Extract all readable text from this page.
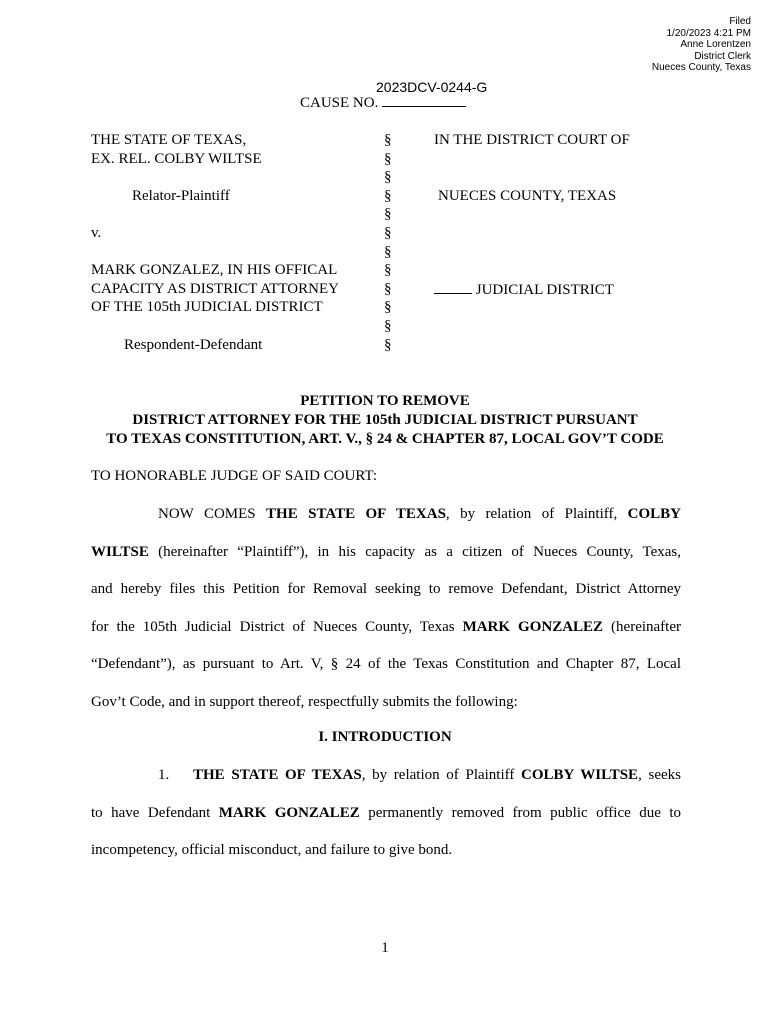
Filed
1/20/2023 4:21 PM
Anne Lorentzen
District Clerk
Nueces County, Texas
2023DCV-0244-G
CAUSE NO.
THE STATE OF TEXAS,
EX. REL. COLBY WILTSE

Relator-Plaintiff

v.

MARK GONZALEZ, IN HIS OFFICAL
CAPACITY AS DISTRICT ATTORNEY
OF THE 105th JUDICIAL DISTRICT

Respondent-Defendant
§
§
§
§
§
§
§
§
§
§
§
§
IN THE DISTRICT COURT OF

NUECES COUNTY, TEXAS

JUDICIAL DISTRICT
PETITION TO REMOVE
DISTRICT ATTORNEY FOR THE 105th JUDICIAL DISTRICT PURSUANT
TO TEXAS CONSTITUTION, ART. V., § 24 & CHAPTER 87, LOCAL GOV’T CODE
TO HONORABLE JUDGE OF SAID COURT:
NOW COMES THE STATE OF TEXAS, by relation of Plaintiff, COLBY
WILTSE (hereinafter “Plaintiff”), in his capacity as a citizen of Nueces County, Texas,
and hereby files this Petition for Removal seeking to remove Defendant, District Attorney
for the 105th Judicial District of Nueces County, Texas MARK GONZALEZ (hereinafter
“Defendant”), as pursuant to Art. V, § 24 of the Texas Constitution and Chapter 87, Local
Gov’t Code, and in support thereof, respectfully submits the following:
I. INTRODUCTION
1. THE STATE OF TEXAS, by relation of Plaintiff COLBY WILTSE, seeks
to have Defendant MARK GONZALEZ permanently removed from public office due to
incompetency, official misconduct, and failure to give bond.
1
